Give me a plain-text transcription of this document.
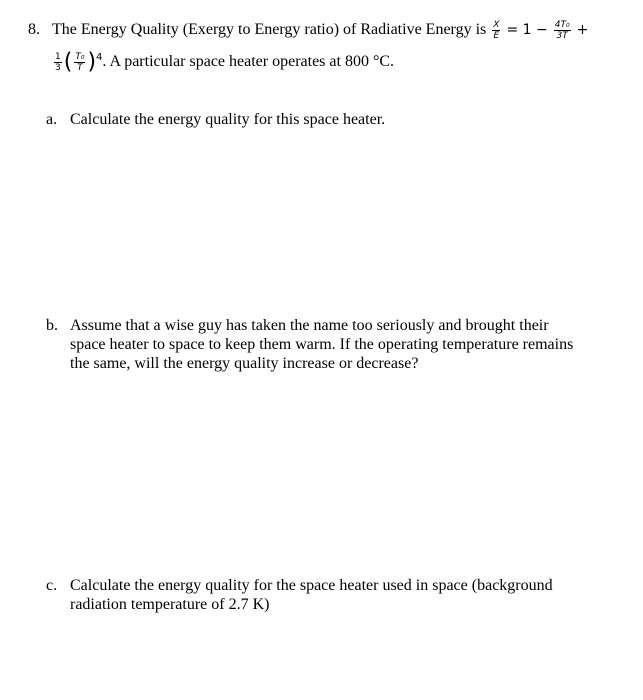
8. The Energy Quality (Exergy to Energy ratio) of Radiative Energy is $\frac{X}{E} = 1 - \frac{\text{4T₀}}{3T}$ +
$\frac{1}{3}$ ( $\frac{\text{T₀}}{T} )^4$. A particular space heater operates at 800 °C.
a. Calculate the energy quality for this space heater.
b. Assume that a wise guy has taken the name too seriously and brought their space heater to space to keep them warm. If the operating temperature remains the same, will the energy quality increase or decrease?
c. Calculate the energy quality for the space heater used in space (background radiation temperature of 2.7 K)
